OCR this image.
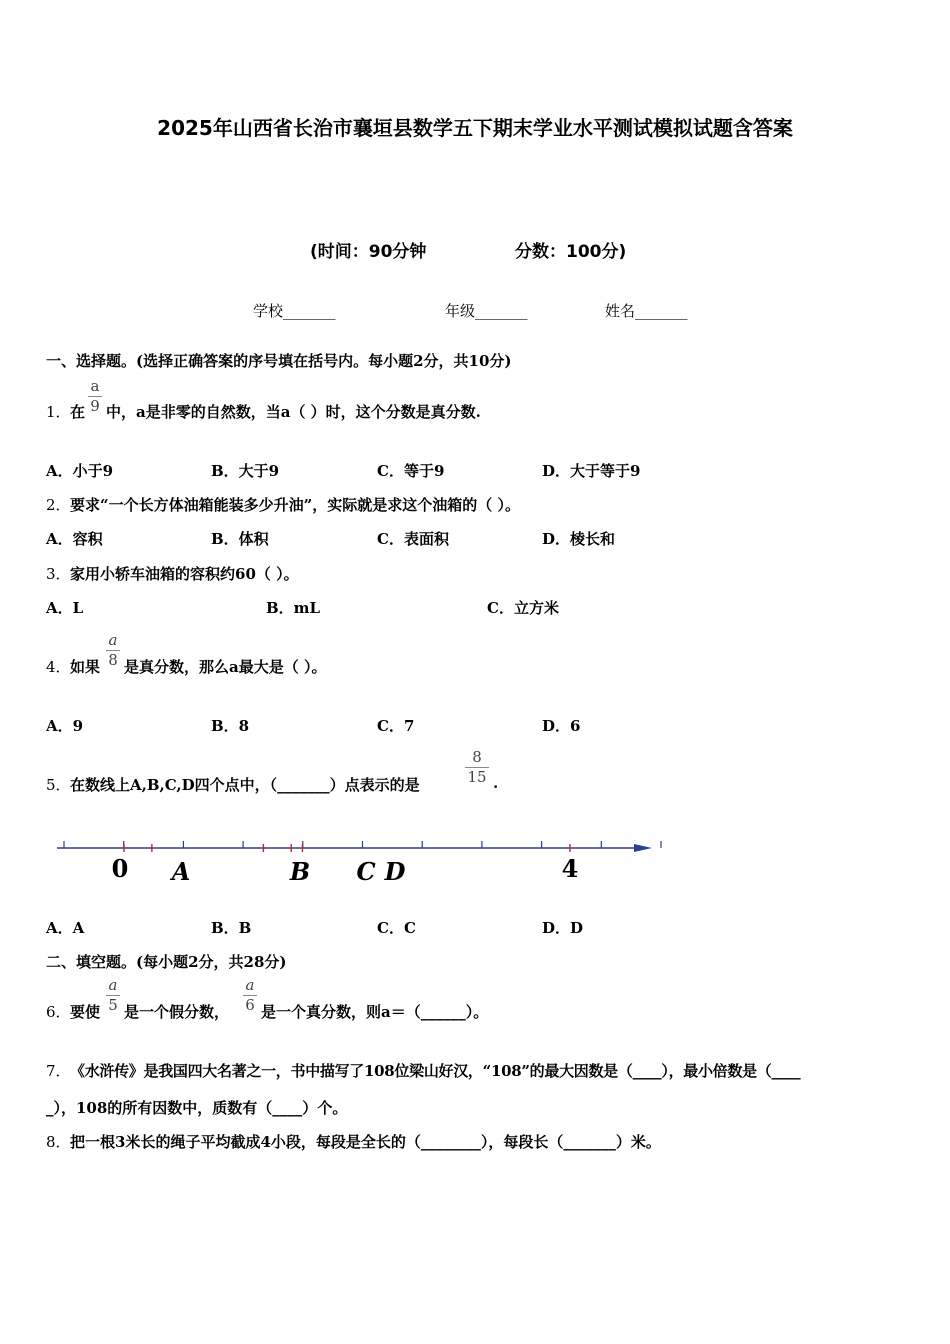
2025年山西省长治市襄垣县数学五下期末学业水平测试模拟试题含答案
(时间：90分钟	分数：100分)
学校_______	年级_______	姓名_______
一、选择题。(选择正确答案的序号填在括号内。每小题2分，共10分)
1． 在
a
9 中，a是非零的自然数，当a（ ）时，这个分数是真分数.
A．小于9	B．大于9	C．等于9	D．大于等于9
2． 要求“一个长方体油箱能装多少升油”，实际就是求这个油箱的（ ）。
A．容积	B．体积	C．表面积	D．棱长和
3． 家用小轿车油箱的容积约60（ ）。
A．L	B．mL	C．立方米
4． 如果
a
8 是真分数，那么a最大是（ ）。
A．9	B．8	C．7	D．6
5． 在数线上A,B,C,D四个点中，（_______）点表示的是
8
15 .
0	4
A	B C D
A．A	B．B	C．C	D．D
二、填空题。(每小题2分，共28分)
6． 要使
a
5 是一个假分数，
a
6 是一个真分数，则a＝（______）。
7． 《水浒传》是我国四大名著之一，书中描写了108位梁山好汉，“108”的最大因数是（____），最小倍数是（____
_），108的所有因数中，质数有（____）个。
8． 把一根3米长的绳子平均截成4小段，每段是全长的（________），每段长（_______）米。
